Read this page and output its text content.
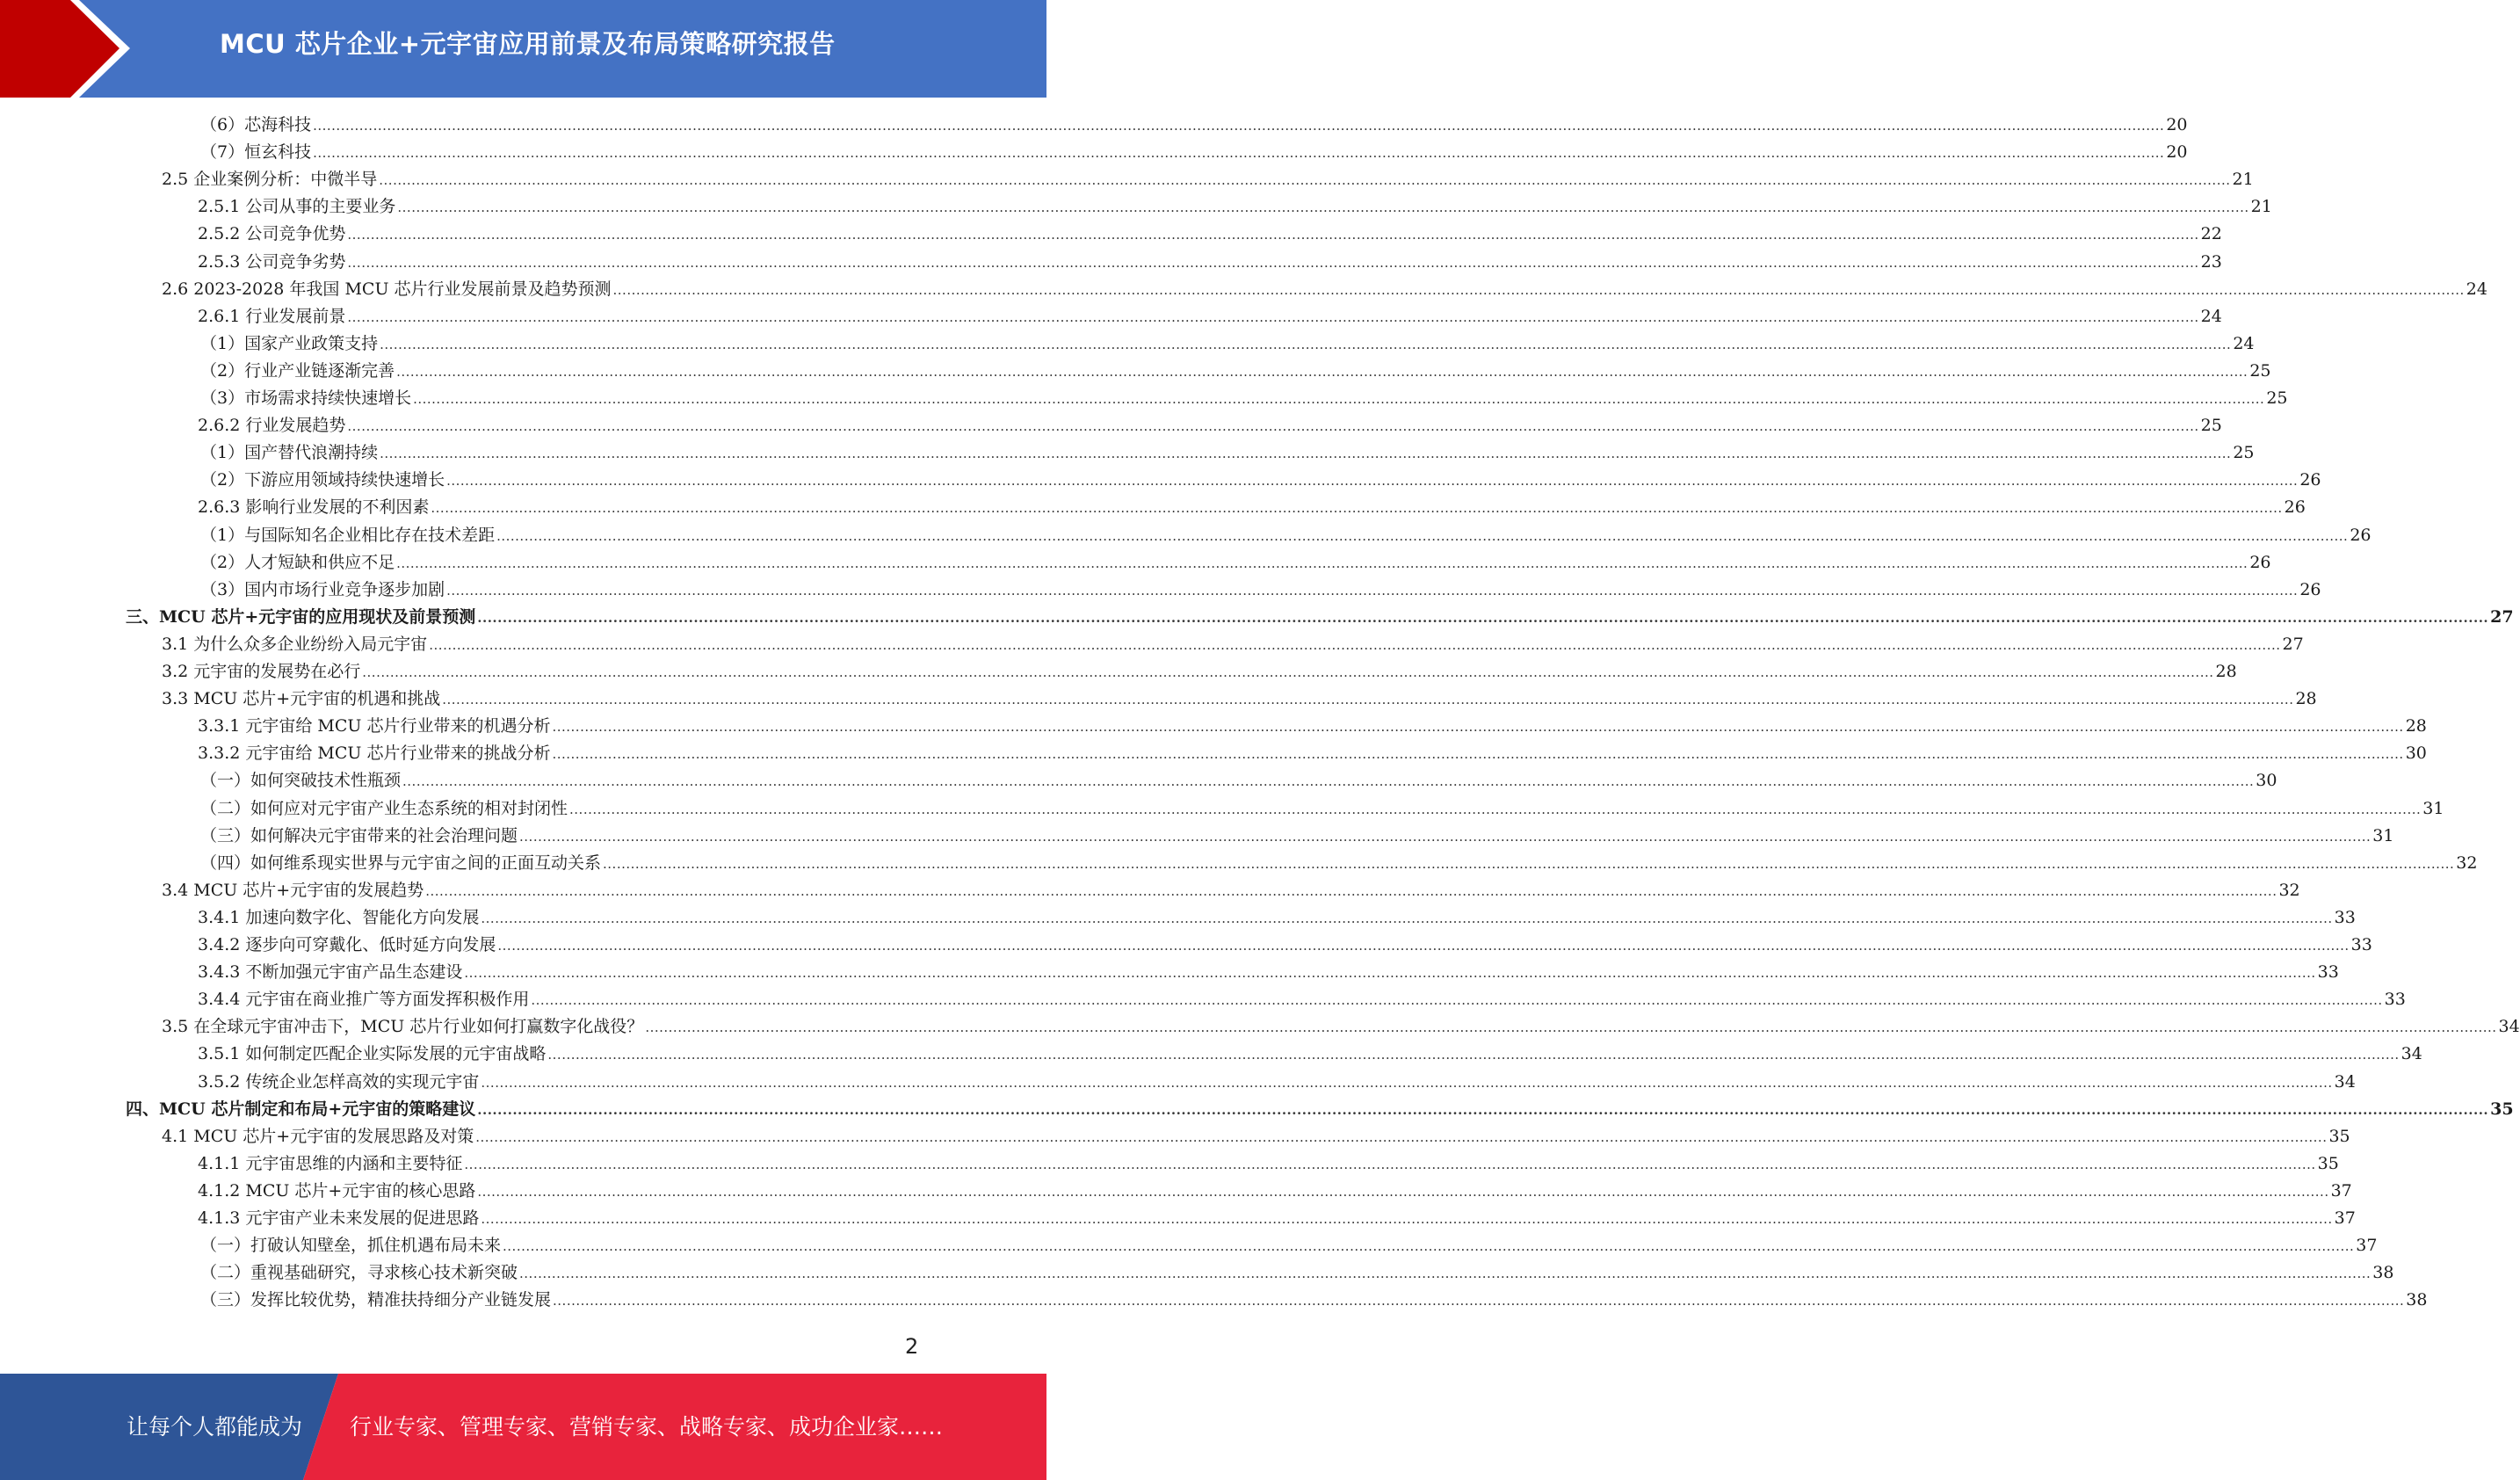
MCU 芯片企业+元宇宙应用前景及布局策略研究报告
（6）芯海科技 ................................................................................................................................................................................................................................................................................................................................................................................................................ 20
（7）恒玄科技 ................................................................................................................................................................................................................................................................................................................................................................................................................ 20
2.5 企业案例分析：中微半导 ................................................................................................................................................................................................................................................................................................................................................................................................................ 21
2.5.1 公司从事的主要业务 ................................................................................................................................................................................................................................................................................................................................................................................................................ 21
2.5.2 公司竞争优势 ................................................................................................................................................................................................................................................................................................................................................................................................................ 22
2.5.3 公司竞争劣势 ................................................................................................................................................................................................................................................................................................................................................................................................................ 23
2.6 2023-2028 年我国 MCU 芯片行业发展前景及趋势预测 ................................................................................................................................................................................................................................................................................................................................................................................................................ 24
2.6.1 行业发展前景 ................................................................................................................................................................................................................................................................................................................................................................................................................ 24
（1）国家产业政策支持 ................................................................................................................................................................................................................................................................................................................................................................................................................ 24
（2）行业产业链逐渐完善 ................................................................................................................................................................................................................................................................................................................................................................................................................ 25
（3）市场需求持续快速增长 ................................................................................................................................................................................................................................................................................................................................................................................................................ 25
2.6.2 行业发展趋势 ................................................................................................................................................................................................................................................................................................................................................................................................................ 25
（1）国产替代浪潮持续 ................................................................................................................................................................................................................................................................................................................................................................................................................ 25
（2）下游应用领域持续快速增长 ................................................................................................................................................................................................................................................................................................................................................................................................................ 26
2.6.3 影响行业发展的不利因素 ................................................................................................................................................................................................................................................................................................................................................................................................................ 26
（1）与国际知名企业相比存在技术差距 ................................................................................................................................................................................................................................................................................................................................................................................................................ 26
（2）人才短缺和供应不足 ................................................................................................................................................................................................................................................................................................................................................................................................................ 26
（3）国内市场行业竞争逐步加剧 ................................................................................................................................................................................................................................................................................................................................................................................................................ 26
三、MCU 芯片+元宇宙的应用现状及前景预测 ................................................................................................................................................................................................................................................................................................................................................................................................................ 27
3.1 为什么众多企业纷纷入局元宇宙 ................................................................................................................................................................................................................................................................................................................................................................................................................ 27
3.2 元宇宙的发展势在必行 ................................................................................................................................................................................................................................................................................................................................................................................................................ 28
3.3 MCU 芯片+元宇宙的机遇和挑战 ................................................................................................................................................................................................................................................................................................................................................................................................................ 28
3.3.1 元宇宙给 MCU 芯片行业带来的机遇分析 ................................................................................................................................................................................................................................................................................................................................................................................................................ 28
3.3.2 元宇宙给 MCU 芯片行业带来的挑战分析 ................................................................................................................................................................................................................................................................................................................................................................................................................ 30
（一）如何突破技术性瓶颈 ................................................................................................................................................................................................................................................................................................................................................................................................................ 30
（二）如何应对元宇宙产业生态系统的相对封闭性 ................................................................................................................................................................................................................................................................................................................................................................................................................ 31
（三）如何解决元宇宙带来的社会治理问题 ................................................................................................................................................................................................................................................................................................................................................................................................................ 31
（四）如何维系现实世界与元宇宙之间的正面互动关系 ................................................................................................................................................................................................................................................................................................................................................................................................................ 32
3.4 MCU 芯片+元宇宙的发展趋势 ................................................................................................................................................................................................................................................................................................................................................................................................................ 32
3.4.1 加速向数字化、智能化方向发展 ................................................................................................................................................................................................................................................................................................................................................................................................................ 33
3.4.2 逐步向可穿戴化、低时延方向发展 ................................................................................................................................................................................................................................................................................................................................................................................................................ 33
3.4.3 不断加强元宇宙产品生态建设 ................................................................................................................................................................................................................................................................................................................................................................................................................ 33
3.4.4 元宇宙在商业推广等方面发挥积极作用 ................................................................................................................................................................................................................................................................................................................................................................................................................ 33
3.5 在全球元宇宙冲击下，MCU 芯片行业如何打赢数字化战役？ ................................................................................................................................................................................................................................................................................................................................................................................................................ 34
3.5.1 如何制定匹配企业实际发展的元宇宙战略 ................................................................................................................................................................................................................................................................................................................................................................................................................ 34
3.5.2 传统企业怎样高效的实现元宇宙 ................................................................................................................................................................................................................................................................................................................................................................................................................ 34
四、MCU 芯片制定和布局+元宇宙的策略建议 ................................................................................................................................................................................................................................................................................................................................................................................................................ 35
4.1 MCU 芯片+元宇宙的发展思路及对策 ................................................................................................................................................................................................................................................................................................................................................................................................................ 35
4.1.1 元宇宙思维的内涵和主要特征 ................................................................................................................................................................................................................................................................................................................................................................................................................ 35
4.1.2 MCU 芯片+元宇宙的核心思路 ................................................................................................................................................................................................................................................................................................................................................................................................................ 37
4.1.3 元宇宙产业未来发展的促进思路 ................................................................................................................................................................................................................................................................................................................................................................................................................ 37
（一）打破认知壁垒，抓住机遇布局未来 ................................................................................................................................................................................................................................................................................................................................................................................................................ 37
（二）重视基础研究，寻求核心技术新突破 ................................................................................................................................................................................................................................................................................................................................................................................................................ 38
（三）发挥比较优势，精准扶持细分产业链发展 ................................................................................................................................................................................................................................................................................................................................................................................................................ 38
2
让每个人都能成为 行业专家、管理专家、营销专家、战略专家、成功企业家……
